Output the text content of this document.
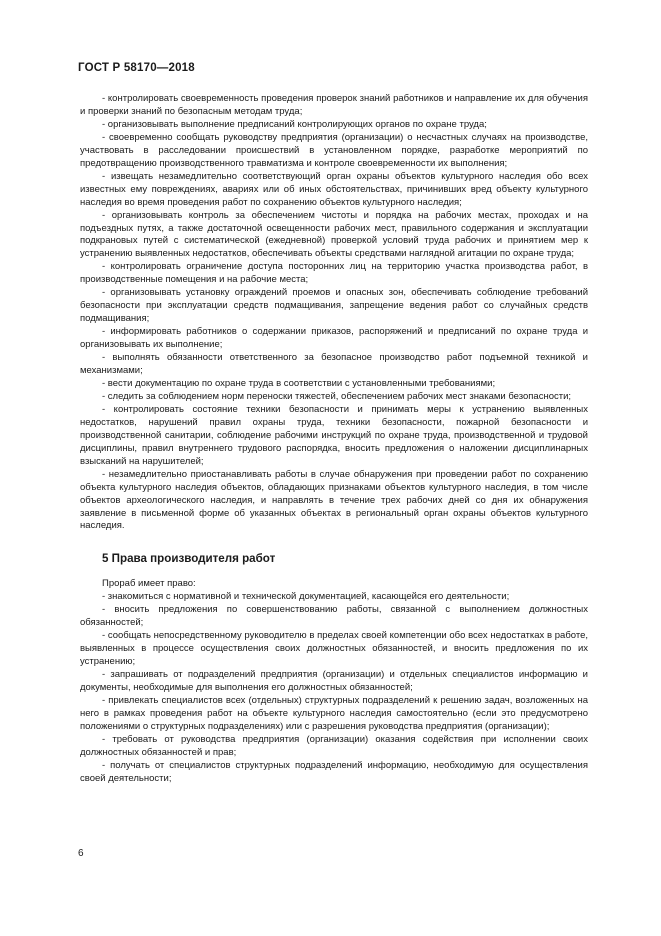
ГОСТ Р 58170—2018

- контролировать своевременность проведения проверок знаний работников и направление их для обучения и проверки знаний по безопасным методам труда;

- организовывать выполнение предписаний контролирующих органов по охране труда;

- своевременно сообщать руководству предприятия (организации) о несчастных случаях на производстве, участвовать в расследовании происшествий в установленном порядке, разработке мероприятий по предотвращению производственного травматизма и контроле своевременности их выполнения;

- извещать незамедлительно соответствующий орган охраны объектов культурного наследия обо всех известных ему повреждениях, авариях или об иных обстоятельствах, причинивших вред объекту культурного наследия во время проведения работ по сохранению объектов культурного наследия;

- организовывать контроль за обеспечением чистоты и порядка на рабочих местах, проходах и на подъездных путях, а также достаточной освещенности рабочих мест, правильного содержания и эксплуатации подкрановых путей с систематической (ежедневной) проверкой условий труда рабочих и принятием мер к устранению выявленных недостатков, обеспечивать объекты средствами наглядной агитации по охране труда;

- контролировать ограничение доступа посторонних лиц на территорию участка производства работ, в производственные помещения и на рабочие места;

- организовывать установку ограждений проемов и опасных зон, обеспечивать соблюдение требований безопасности при эксплуатации средств подмащивания, запрещение ведения работ со случайных средств подмащивания;

- информировать работников о содержании приказов, распоряжений и предписаний по охране труда и организовывать их выполнение;

- выполнять обязанности ответственного за безопасное производство работ подъемной техникой и механизмами;

- вести документацию по охране труда в соответствии с установленными требованиями;

- следить за соблюдением норм переноски тяжестей, обеспечением рабочих мест знаками безопасности;

- контролировать состояние техники безопасности и принимать меры к устранению выявленных недостатков, нарушений правил охраны труда, техники безопасности, пожарной безопасности и производственной санитарии, соблюдение рабочими инструкций по охране труда, производственной и трудовой дисциплины, правил внутреннего трудового распорядка, вносить предложения о наложении дисциплинарных взысканий на нарушителей;

- незамедлительно приостанавливать работы в случае обнаружения при проведении работ по сохранению объекта культурного наследия объектов, обладающих признаками объектов культурного наследия, в том числе объектов археологического наследия, и направлять в течение трех рабочих дней со дня их обнаружения заявление в письменной форме об указанных объектах в региональный орган охраны объектов культурного наследия.

5 Права производителя работ

Прораб имеет право:

- знакомиться с нормативной и технической документацией, касающейся его деятельности;

- вносить предложения по совершенствованию работы, связанной с выполнением должностных обязанностей;

- сообщать непосредственному руководителю в пределах своей компетенции обо всех недостатках в работе, выявленных в процессе осуществления своих должностных обязанностей, и вносить предложения по их устранению;

- запрашивать от подразделений предприятия (организации) и отдельных специалистов информацию и документы, необходимые для выполнения его должностных обязанностей;

- привлекать специалистов всех (отдельных) структурных подразделений к решению задач, возложенных на него в рамках проведения работ на объекте культурного наследия самостоятельно (если это предусмотрено положениями о структурных подразделениях) или с разрешения руководства предприятия (организации);

- требовать от руководства предприятия (организации) оказания содействия при исполнении своих должностных обязанностей и прав;

- получать от специалистов структурных подразделений информацию, необходимую для осуществления своей деятельности;

6
